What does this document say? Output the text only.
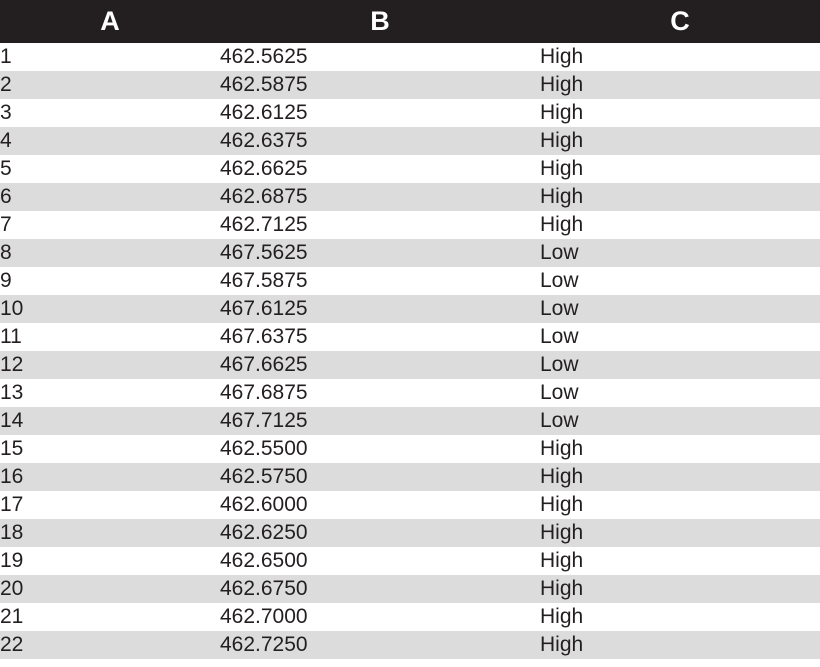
A	B	C
1	462.5625	High
2	462.5875	High
3	462.6125	High
4	462.6375	High
5	462.6625	High
6	462.6875	High
7	462.7125	High
8	467.5625	Low
9	467.5875	Low
10	467.6125	Low
11	467.6375	Low
12	467.6625	Low
13	467.6875	Low
14	467.7125	Low
15	462.5500	High
16	462.5750	High
17	462.6000	High
18	462.6250	High
19	462.6500	High
20	462.6750	High
21	462.7000	High
22	462.7250	High
